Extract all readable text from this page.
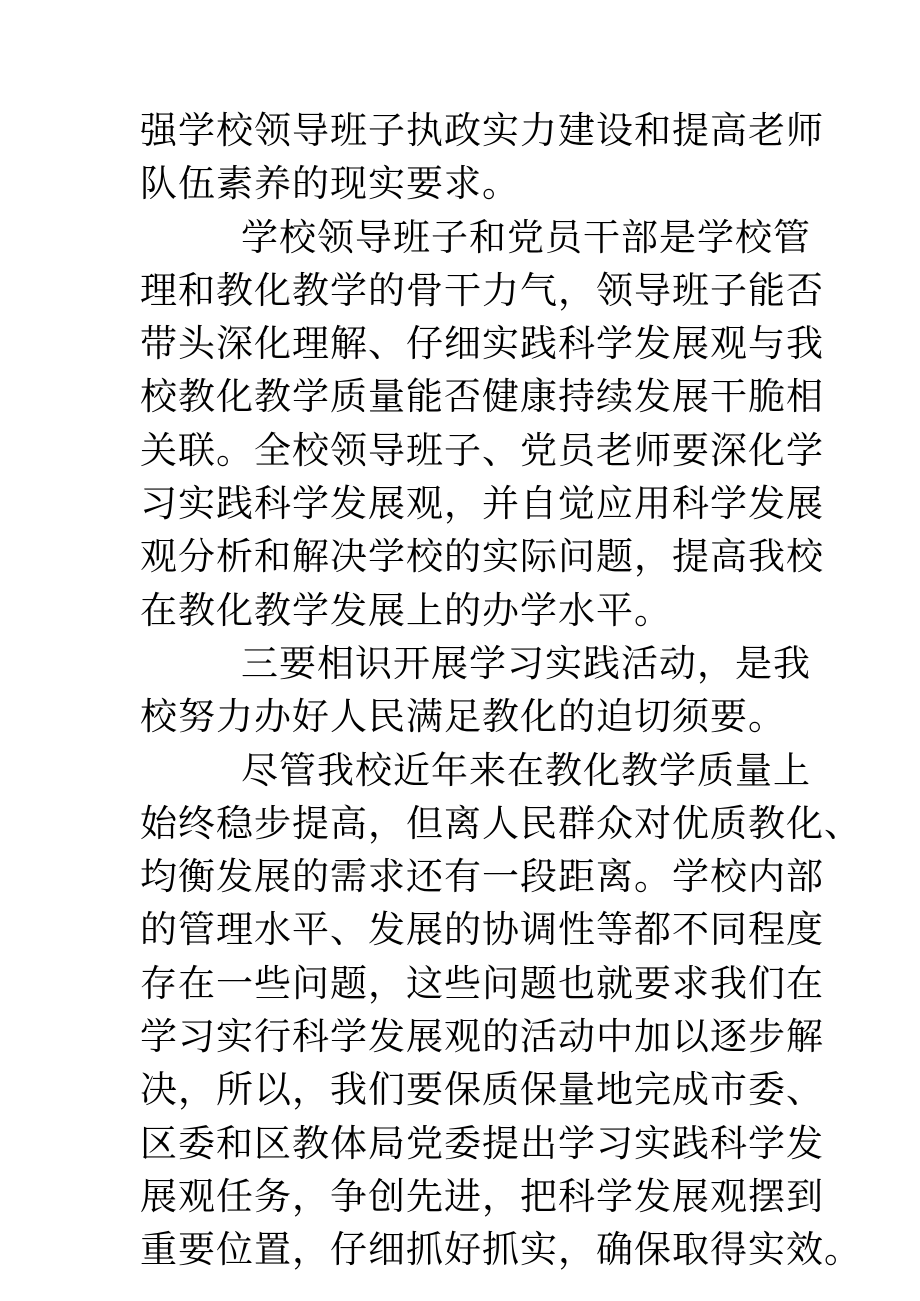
强学校领导班子执政实力建设和提高老师
队伍素养的现实要求。
学校领导班子和党员干部是学校管
理和教化教学的骨干力气，领导班子能否
带头深化理解、仔细实践科学发展观与我
校教化教学质量能否健康持续发展干脆相
关联。全校领导班子、党员老师要深化学
习实践科学发展观，并自觉应用科学发展
观分析和解决学校的实际问题，提高我校
在教化教学发展上的办学水平。
三要相识开展学习实践活动，是我
校努力办好人民满足教化的迫切须要。
尽管我校近年来在教化教学质量上
始终稳步提高，但离人民群众对优质教化、
均衡发展的需求还有一段距离。学校内部
的管理水平、发展的协调性等都不同程度
存在一些问题，这些问题也就要求我们在
学习实行科学发展观的活动中加以逐步解
决，所以，我们要保质保量地完成市委、
区委和区教体局党委提出学习实践科学发
展观任务，争创先进，把科学发展观摆到
重要位置，仔细抓好抓实，确保取得实效。
